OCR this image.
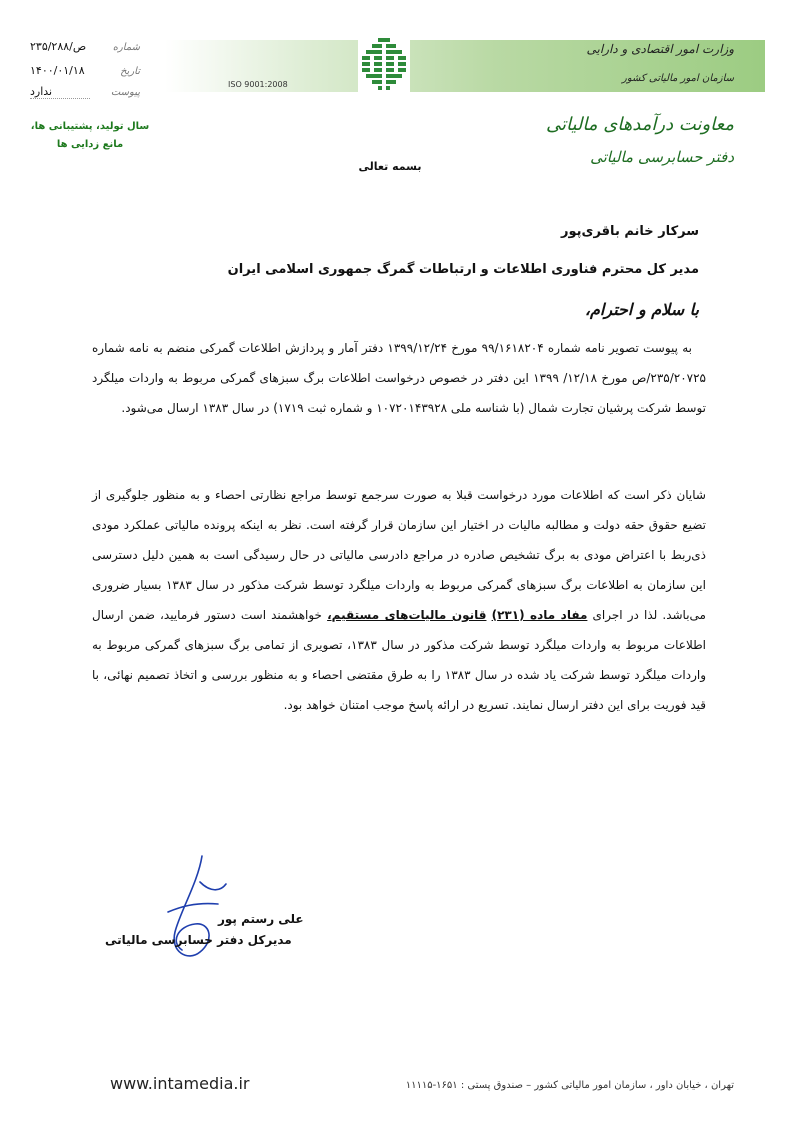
ISO 9001:2008
وزارت امور اقتصادی و دارایی
سازمان امور مالیاتی کشور
معاونت درآمدهای مالیاتی
دفتر حسابرسی مالیاتی
شماره
۲۳۵/۲۸۸/ص
تاریخ
۱۴۰۰/۰۱/۱۸
پیوست
ندارد
سال تولید، پشتیبانی ها،
مانع زدایی ها
بسمه تعالی
سرکار خانم باقری‌پور
مدیر کل محترم فناوری اطلاعات و ارتباطات گمرگ جمهوری اسلامی ایران
با سلام و احترام،
به پیوست تصویر نامه شماره ۹۹/۱۶۱۸۲۰۴ مورخ ۱۳۹۹/۱۲/۲۴ دفتر آمار و پردازش اطلاعات گمرکی منضم به نامه شماره ۲۳۵/۲۰۷۲۵/ص مورخ ۱۲/۱۸/ ۱۳۹۹ این دفتر در خصوص درخواست اطلاعات برگ سبزهای گمرکی مربوط به واردات میلگرد توسط شرکت پرشیان تجارت شمال (با شناسه ملی ۱۰۷۲۰۱۴۳۹۲۸ و شماره ثبت ۱۷۱۹) در سال ۱۳۸۳ ارسال می‌شود.
شایان ذکر است که اطلاعات مورد درخواست قبلا به صورت سرجمع توسط مراجع نظارتی احصاء و به منظور جلوگیری از تضیع حقوق حقه دولت و مطالبه مالیات در اختیار این سازمان قرار گرفته است. نظر به اینکه پرونده مالیاتی عملکرد مودی ذی‌ربط با اعتراض مودی به برگ تشخیص صادره در مراجع دادرسی مالیاتی در حال رسیدگی است به همین دلیل دسترسی این سازمان به اطلاعات برگ سبزهای گمرکی مربوط به واردات میلگرد توسط شرکت مذکور در سال ۱۳۸۳ بسیار ضروری می‌باشد. لذا در اجرای مفاد ماده (۲۳۱) قانون مالیات‌های مستقیم، خواهشمند است دستور فرمایید، ضمن ارسال اطلاعات مربوط به واردات میلگرد توسط شرکت مذکور در سال ۱۳۸۳، تصویری از تمامی برگ سبزهای گمرکی مربوط به واردات میلگرد توسط شرکت یاد شده در سال ۱۳۸۳ را به طرق مقتضی احصاء و به منظور بررسی و اتخاذ تصمیم نهائی، با قید فوریت برای این دفتر ارسال نمایند. تسریع در ارائه پاسخ موجب امتنان خواهد بود.
علی رستم پور
مدیرکل دفتر حسابرسی مالیاتی
www.intamedia.ir	تهران ، خیابان داور ، سازمان امور مالیاتی کشور – صندوق پستی : ۱۶۵۱-۱۱۱۱۵
